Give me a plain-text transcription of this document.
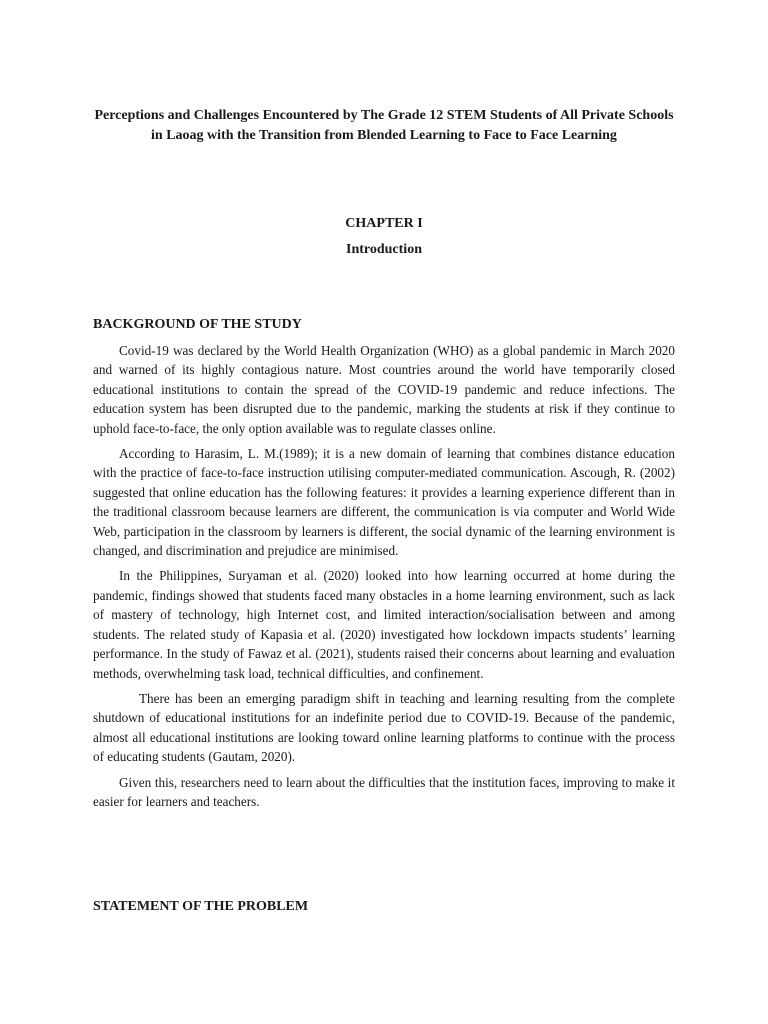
Perceptions and Challenges Encountered by The Grade 12 STEM Students of All Private Schools in Laoag with the Transition from Blended Learning to Face to Face Learning
CHAPTER I
Introduction
BACKGROUND OF THE STUDY

Covid-19 was declared by the World Health Organization (WHO) as a global pandemic in March 2020 and warned of its highly contagious nature. Most countries around the world have temporarily closed educational institutions to contain the spread of the COVID-19 pandemic and reduce infections. The education system has been disrupted due to the pandemic, marking the students at risk if they continue to uphold face-to-face, the only option available was to regulate classes online.

According to Harasim, L. M.(1989); it is a new domain of learning that combines distance education with the practice of face-to-face instruction utilising computer-mediated communication. Ascough, R. (2002) suggested that online education has the following features: it provides a learning experience different than in the traditional classroom because learners are different, the communication is via computer and World Wide Web, participation in the classroom by learners is different, the social dynamic of the learning environment is changed, and discrimination and prejudice are minimised.

In the Philippines, Suryaman et al. (2020) looked into how learning occurred at home during the pandemic, findings showed that students faced many obstacles in a home learning environment, such as lack of mastery of technology, high Internet cost, and limited interaction/socialisation between and among students. The related study of Kapasia et al. (2020) investigated how lockdown impacts students’ learning performance. In the study of Fawaz et al. (2021), students raised their concerns about learning and evaluation methods, overwhelming task load, technical difficulties, and confinement.

There has been an emerging paradigm shift in teaching and learning resulting from the complete shutdown of educational institutions for an indefinite period due to COVID-19. Because of the pandemic, almost all educational institutions are looking toward online learning platforms to continue with the process of educating students (Gautam, 2020).

Given this, researchers need to learn about the difficulties that the institution faces, improving to make it easier for learners and teachers.

STATEMENT OF THE PROBLEM
